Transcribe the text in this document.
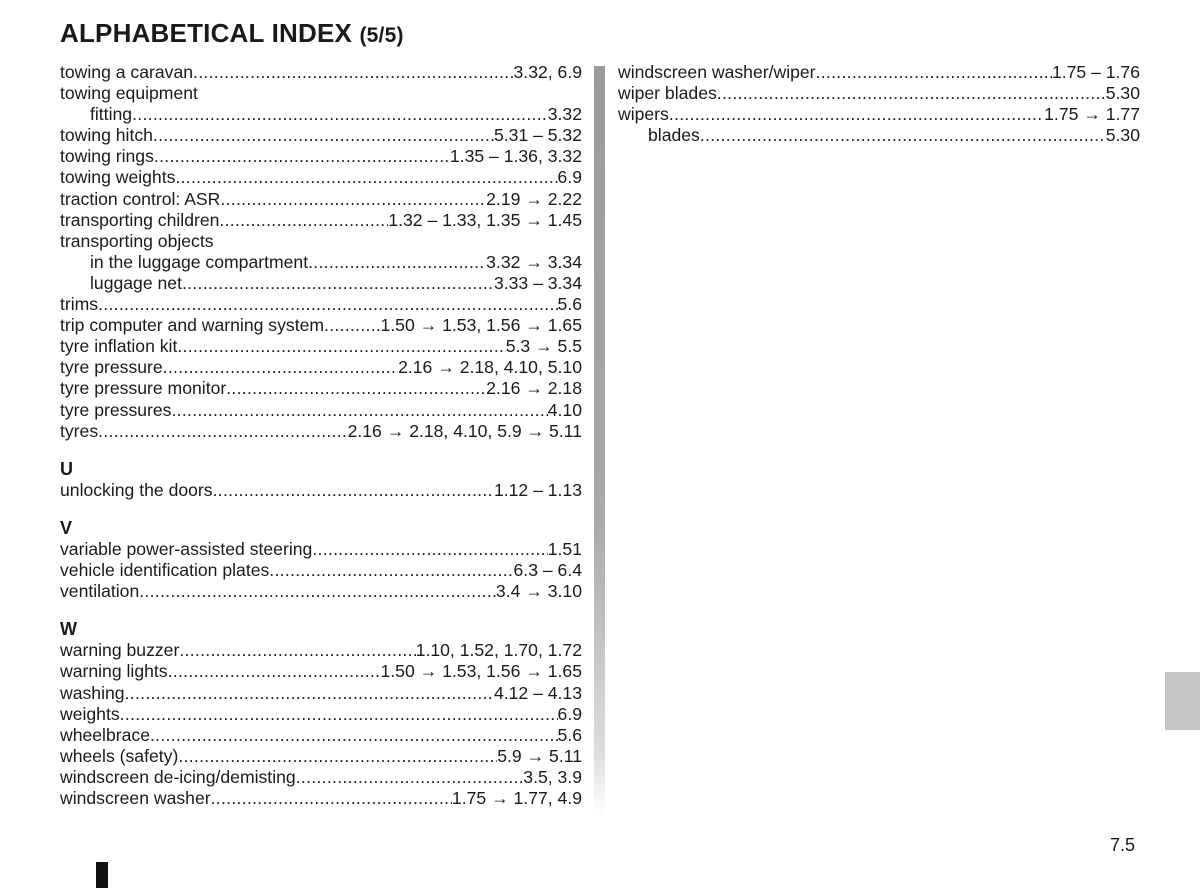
ALPHABETICAL INDEX (5/5)
towing a caravan .....	3.32, 6.9
towing equipment
fitting .....	3.32
towing hitch .....	5.31 – 5.32
towing rings .....	1.35 – 1.36, 3.32
towing weights .....	6.9
traction control: ASR .....	2.19 → 2.22
transporting children .....	1.32 – 1.33, 1.35 → 1.45
transporting objects
in the luggage compartment .....	3.32 → 3.34
luggage net .....	3.33 – 3.34
trims .....	5.6
trip computer and warning system .....	1.50 → 1.53, 1.56 → 1.65
tyre inflation kit .....	5.3 → 5.5
tyre pressure .....	2.16 → 2.18, 4.10, 5.10
tyre pressure monitor .....	2.16 → 2.18
tyre pressures .....	4.10
tyres .....	2.16 → 2.18, 4.10, 5.9 → 5.11
U
unlocking the doors .....	1.12 – 1.13
V
variable power-assisted steering .....	1.51
vehicle identification plates .....	6.3 – 6.4
ventilation .....	3.4 → 3.10
W
warning buzzer .....	1.10, 1.52, 1.70, 1.72
warning lights .....	1.50 → 1.53, 1.56 → 1.65
washing .....	4.12 – 4.13
weights .....	6.9
wheelbrace .....	5.6
wheels (safety) .....	5.9 → 5.11
windscreen de-icing/demisting .....	3.5, 3.9
windscreen washer .....	1.75 → 1.77, 4.9
windscreen washer/wiper .....	1.75 – 1.76
wiper blades .....	5.30
wipers .....	1.75 → 1.77
blades .....	5.30
7.5
